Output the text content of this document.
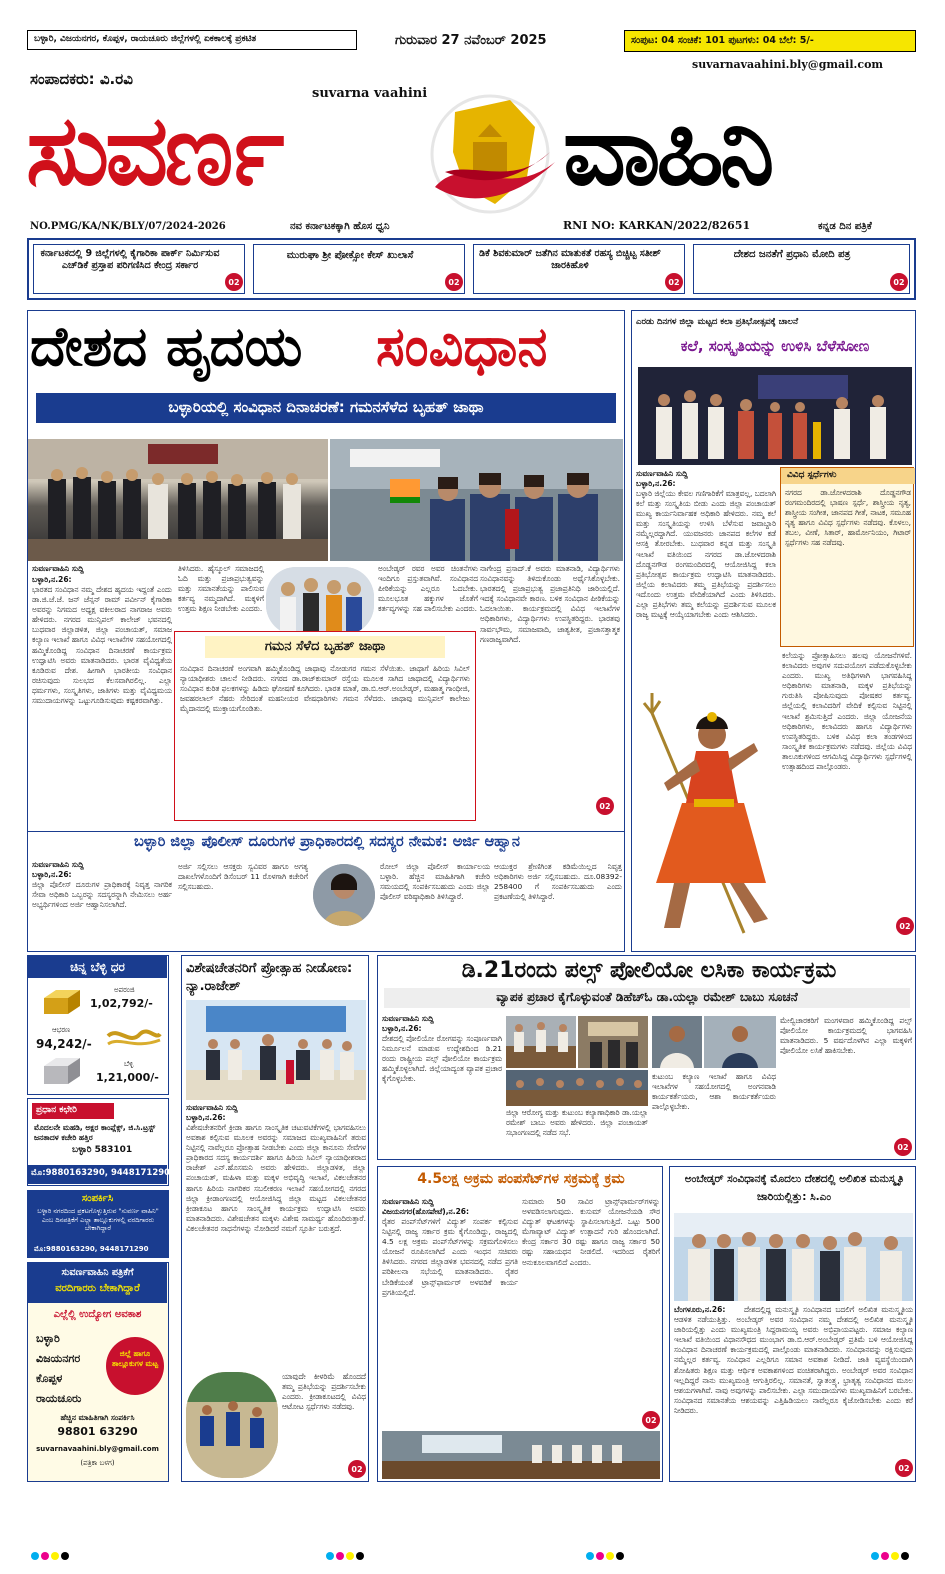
ಬಳ್ಳಾರಿ, ವಿಜಯನಗರ, ಕೊಪ್ಪಳ, ರಾಯಚೂರು ಜಿಲ್ಲೆಗಳಲ್ಲಿ ಏಕಕಾಲಕ್ಕೆ ಪ್ರಕಟಿತ	ಗುರುವಾರ 27 ನವೆಂಬರ್ 2025	ಸಂಪುಟ: 04 ಸಂಚಿಕೆ: 101 ಪುಟಗಳು: 04 ಬೆಲೆ: 5/-
suvarnavaahini.bly@gmail.com
ಸಂಪಾದಕರು: ವಿ.ರವಿ
suvarna vaahini
ಸುವರ್ಣ	ವಾಹಿನಿ
NO.PMG/KA/NK/BLY/07/2024-2026	ನವ ಕರ್ನಾಟಕಕ್ಕಾಗಿ ಹೊಸ ಧ್ವನಿ	RNI NO: KARKAN/2022/82651	ಕನ್ನಡ ದಿನ ಪತ್ರಿಕೆ
ಕರ್ನಾಟಕದಲ್ಲಿ 9 ಜಿಲ್ಲೆಗಳಲ್ಲಿ ಕೈಗಾರಿಕಾ ಪಾರ್ಕ್ ನಿರ್ಮಿಸುವ ಎಚ್‌ಡಿಕೆ ಪ್ರಸ್ತಾಪ ಪರಿಗಣಿಸಿದ ಕೇಂದ್ರ ಸರ್ಕಾರ
02
ಮುರುಘಾ ಶ್ರೀ ಪೋಕ್ಸೋ ಕೇಸ್ ಖುಲಾಸೆ
02
ಡಿಕೆ ಶಿವಕುಮಾರ್ ಜತೆಗಿನ ಮಾತುಕತೆ ರಹಸ್ಯ ಬಿಚ್ಚಿಟ್ಟ ಸತೀಶ್ ಜಾರಕಿಹೊಳಿ
02
ದೇಶದ ಜನತೆಗೆ ಪ್ರಧಾನಿ ಮೋದಿ ಪತ್ರ
02
ದೇಶದ ಹೃದಯ ಸಂವಿಧಾನ
ಬಳ್ಳಾರಿಯಲ್ಲಿ ಸಂವಿಧಾನ ದಿನಾಚರಣೆ: ಗಮನಸೆಳೆದ ಬೃಹತ್ ಜಾಥಾ
ಸುವರ್ಣವಾಹಿನಿ ಸುದ್ದಿ
ಬಳ್ಳಾರಿ,ನ.26:
ಭಾರತದ ಸಂವಿಧಾನ ನಮ್ಮ ದೇಶದ ಹೃದಯ ಇದ್ದಂತೆ ಎಂದು ಡಾ.ಜಿ.ಜೆ.ಜೆ. ಜನ್ ಜೆನ್ಸನ್ ರಾಮ್ ಪರ್ವೀನ್ ಕೈಗಾರಿಕಾ ಅವರನ್ನು ನಿಗಮದ ಅಧ್ಯಕ್ಷ ವಕೀಲರಾದ ನಾಗರಾಜ ಅವರು ಹೇಳಿದರು. ನಗರದ ಮುನ್ಸಿಪಲ್ ಕಾಲೇಜ್ ಭವನದಲ್ಲಿ ಬುಧವಾರ ಜಿಲ್ಲಾಡಳಿತ, ಜಿಲ್ಲಾ ಪಂಚಾಯತ್, ಸಮಾಜ ಕಲ್ಯಾಣ ಇಲಾಖೆ ಹಾಗೂ ವಿವಿಧ ಇಲಾಖೆಗಳ ಸಹಯೋಗದಲ್ಲಿ ಹಮ್ಮಿಕೊಂಡಿದ್ದ ಸಂವಿಧಾನ ದಿನಾಚರಣೆ ಕಾರ್ಯಕ್ರಮ ಉದ್ಘಾಟಿಸಿ ಅವರು ಮಾತನಾಡಿದರು. ಭಾರತ ವೈವಿಧ್ಯತೆಯ ಕೂಡಿರುವ ದೇಶ. ಹೀಗಾಗಿ ಭಾರತೀಯ ಸಂವಿಧಾನ ರಚಿಸುವುದು ಸುಲಭದ ಕೆಲಸವಾಗಿರಲಿಲ್ಲ. ಎಲ್ಲಾ ಧರ್ಮಗಳು, ಸಂಸ್ಕೃತಿಗಳು, ಜಾತಿಗಳು ಮತ್ತು ವೈವಿಧ್ಯಮಯ ಸಮುದಾಯಗಳನ್ನು ಒಟ್ಟುಗೂಡಿಸುವುದು ಕಷ್ಟಕರವಾಗಿತ್ತು.
ತಿಳಿಸಿದರು. ಹೈಸ್ಕೂಲ್ ಸಮಾಜದಲ್ಲಿ ಓದಿ ಮತ್ತು ಪ್ರಜಾಪ್ರಭುತ್ವವನ್ನು ಮತ್ತು ಸಮಾನತೆಯನ್ನು ಪಾಲಿಸುವ ಕರ್ತವ್ಯ ನಮ್ಮದಾಗಿದೆ. ಮಕ್ಕಳಿಗೆ ಉತ್ತಮ ಶಿಕ್ಷಣ ನೀಡಬೇಕು ಎಂದರು.
ಅಂಬೇಡ್ಕರ್ ರವರ ಅವರ ಚಿಂತನೆಗಳು ಇಂದಿಗೂ ಪ್ರಸ್ತುತವಾಗಿವೆ. ಸಂವಿಧಾನದ ಪೀಠಿಕೆಯನ್ನು ಎಲ್ಲರೂ ಓದಬೇಕು. ಮೂಲಭೂತ ಹಕ್ಕುಗಳ ಜೊತೆಗೆ ಕರ್ತವ್ಯಗಳನ್ನು ಸಹ ಪಾಲಿಸಬೇಕು ಎಂದರು.
ನಾಗೇಂದ್ರ ಪ್ರಸಾದ್.ಕೆ ಅವರು ಮಾತನಾಡಿ, ವಿದ್ಯಾರ್ಥಿಗಳು ಸಂವಿಧಾನವನ್ನು ತಿಳಿದುಕೊಂಡು ಅರ್ಥೈಸಿಕೊಳ್ಳಬೇಕು. ಭಾರತದಲ್ಲಿ ಪ್ರಜಾಪ್ರಭುತ್ವ ಪ್ರಜಾಪ್ರತಿನಿಧಿ ಜಾರಿಯಲ್ಲಿದೆ. ಇದಕ್ಕೆ ಸಂವಿಧಾನವೇ ಕಾರಣ. ಬಳಿಕ ಸಂವಿಧಾನ ಪೀಠಿಕೆಯನ್ನು ಓದಲಾಯಿತು. ಕಾರ್ಯಕ್ರಮದಲ್ಲಿ ವಿವಿಧ ಇಲಾಖೆಗಳ ಅಧಿಕಾರಿಗಳು, ವಿದ್ಯಾರ್ಥಿಗಳು ಉಪಸ್ಥಿತರಿದ್ದರು. ಭಾರತವು ಸಾರ್ವಭೌಮ, ಸಮಾಜವಾದಿ, ಜಾತ್ಯತೀತ, ಪ್ರಜಾಸತ್ತಾತ್ಮಕ ಗಣರಾಜ್ಯವಾಗಿದೆ.
ಗಮನ ಸೆಳೆದ ಬೃಹತ್ ಜಾಥಾ
ಸಂವಿಧಾನ ದಿನಾಚರಣೆ ಅಂಗವಾಗಿ ಹಮ್ಮಿಕೊಂಡಿದ್ದ ಜಾಥಾವು ನೋಡುಗರ ಗಮನ ಸೆಳೆಯಿತು. ಜಾಥಾಗೆ ಹಿರಿಯ ಸಿವಿಲ್ ನ್ಯಾಯಾಧೀಶರು ಚಾಲನೆ ನೀಡಿದರು. ನಗರದ ಡಾ.ರಾಜ್‌ಕುಮಾರ್ ರಸ್ತೆಯ ಮೂಲಕ ಸಾಗಿದ ಜಾಥಾದಲ್ಲಿ ವಿದ್ಯಾರ್ಥಿಗಳು ಸಂವಿಧಾನ ಕುರಿತ ಫಲಕಗಳನ್ನು ಹಿಡಿದು ಘೋಷಣೆ ಕೂಗಿದರು. ಭಾರತ ಮಾತೆ, ಡಾ.ಬಿ.ಆರ್.ಅಂಬೇಡ್ಕರ್, ಮಹಾತ್ಮ ಗಾಂಧೀಜಿ, ಜವಹರಲಾಲ್ ನೆಹರು ಸೇರಿದಂತೆ ಮಹನೀಯರ ವೇಷಧಾರಿಗಳು ಗಮನ ಸೆಳೆದರು. ಜಾಥಾವು ಮುನ್ಸಿಪಲ್ ಕಾಲೇಜು ಮೈದಾನದಲ್ಲಿ ಮುಕ್ತಾಯಗೊಂಡಿತು.
02
ಬಳ್ಳಾರಿ ಜಿಲ್ಲಾ ಪೊಲೀಸ್ ದೂರುಗಳ ಪ್ರಾಧಿಕಾರದಲ್ಲಿ ಸದಸ್ಯರ ನೇಮಕ: ಅರ್ಜಿ ಆಹ್ವಾನ
ಸುವರ್ಣವಾಹಿನಿ ಸುದ್ದಿ
ಬಳ್ಳಾರಿ,ನ.26:
ಜಿಲ್ಲಾ ಪೊಲೀಸ್ ದೂರುಗಳ ಪ್ರಾಧಿಕಾರಕ್ಕೆ ನಿವೃತ್ತ ನಾಗರಿಕ ಸೇವಾ ಅಧಿಕಾರಿ ಒಬ್ಬರನ್ನು ಸದಸ್ಯರನ್ನಾಗಿ ನೇಮಿಸಲು ಅರ್ಹ ಅಭ್ಯರ್ಥಿಗಳಿಂದ ಅರ್ಜಿ ಆಹ್ವಾನಿಸಲಾಗಿದೆ.
ಅರ್ಜಿ ಸಲ್ಲಿಸಲು ಆಸಕ್ತರು ಸ್ವವಿವರ ಹಾಗೂ ಅಗತ್ಯ ದಾಖಲೆಗಳೊಂದಿಗೆ ಡಿಸೆಂಬರ್ 11 ರೊಳಗಾಗಿ ಕಚೇರಿಗೆ ಸಲ್ಲಿಸಬಹುದು.
ರೋಲ್ ಜಿಲ್ಲಾ ಪೊಲೀಸ್ ಕಾರ್ಯಾಲಯ ಬಳ್ಳಾರಿ. ಹೆಚ್ಚಿನ ಮಾಹಿತಿಗಾಗಿ ಕಚೇರಿ ಸಮಯದಲ್ಲಿ ಸಂಪರ್ಕಿಸಬಹುದು ಎಂದು ಜಿಲ್ಲಾ ಪೊಲೀಸ್ ವರಿಷ್ಠಾಧಿಕಾರಿ ತಿಳಿಸಿದ್ದಾರೆ.
ಆಯುಕ್ತರ ಶ್ರೇಣಿಗಿಂತ ಕಡಿಮೆಯಿಲ್ಲದ ನಿವೃತ್ತ ಅಧಿಕಾರಿಗಳು ಅರ್ಜಿ ಸಲ್ಲಿಸಬಹುದು. ದೂ.08392-258400 ಗೆ ಸಂಪರ್ಕಿಸಬಹುದು ಎಂದು ಪ್ರಕಟಣೆಯಲ್ಲಿ ತಿಳಿಸಿದ್ದಾರೆ.
ಎರಡು ದಿನಗಳ ಜಿಲ್ಲಾ ಮಟ್ಟದ ಕಲಾ ಪ್ರತಿಭೋತ್ಸವಕ್ಕೆ ಚಾಲನೆ
ಕಲೆ, ಸಂಸ್ಕೃತಿಯನ್ನು ಉಳಿಸಿ ಬೆಳೆಸೋಣ
ಸುವರ್ಣವಾಹಿನಿ ಸುದ್ದಿ
ಬಳ್ಳಾರಿ,ನ.26:
ಬಳ್ಳಾರಿ ಜಿಲ್ಲೆಯು ಕೇವಲ ಗಣಿಗಾರಿಕೆಗೆ ಮಾತ್ರವಲ್ಲ, ಬದಲಾಗಿ ಕಲೆ ಮತ್ತು ಸಂಸ್ಕೃತಿಯ ಬೀಡು ಎಂದು ಜಿಲ್ಲಾ ಪಂಚಾಯತ್ ಮುಖ್ಯ ಕಾರ್ಯನಿರ್ವಾಹಕ ಅಧಿಕಾರಿ ಹೇಳಿದರು. ನಮ್ಮ ಕಲೆ ಮತ್ತು ಸಂಸ್ಕೃತಿಯನ್ನು ಉಳಿಸಿ ಬೆಳೆಸುವ ಜವಾಬ್ದಾರಿ ನಮ್ಮೆಲ್ಲರದ್ದಾಗಿದೆ. ಯುವಜನರು ಜಾನಪದ ಕಲೆಗಳ ಕಡೆ ಆಸಕ್ತಿ ತೋರಬೇಕು. ಬುಧವಾರ ಕನ್ನಡ ಮತ್ತು ಸಂಸ್ಕೃತಿ ಇಲಾಖೆ ವತಿಯಿಂದ ನಗರದ ಡಾ.ಜೋಳದರಾಶಿ ದೊಡ್ಡನಗೌಡ ರಂಗಮಂದಿರದಲ್ಲಿ ಆಯೋಜಿಸಿದ್ದ ಕಲಾ ಪ್ರತಿಭೋತ್ಸವ ಕಾರ್ಯಕ್ರಮ ಉದ್ಘಾಟಿಸಿ ಮಾತನಾಡಿದರು. ಜಿಲ್ಲೆಯ ಕಲಾವಿದರು ತಮ್ಮ ಪ್ರತಿಭೆಯನ್ನು ಪ್ರದರ್ಶಿಸಲು ಇದೊಂದು ಉತ್ತಮ ವೇದಿಕೆಯಾಗಿದೆ ಎಂದು ತಿಳಿಸಿದರು. ಎಲ್ಲಾ ಪ್ರತಿಭೆಗಳು ತಮ್ಮ ಕಲೆಯನ್ನು ಪ್ರದರ್ಶಿಸುವ ಮೂಲಕ ರಾಜ್ಯ ಮಟ್ಟಕ್ಕೆ ಆಯ್ಕೆಯಾಗಬೇಕು ಎಂದು ಆಶಿಸಿದರು.
ವಿವಿಧ ಸ್ಪರ್ಧೆಗಳು
ನಗರದ ಡಾ.ಜೋಳದರಾಶಿ ದೊಡ್ಡನಗೌಡ ರಂಗಮಂದಿರದಲ್ಲಿ ಭಾಷಣ ಸ್ಪರ್ಧೆ, ಶಾಸ್ತ್ರೀಯ ನೃತ್ಯ, ಶಾಸ್ತ್ರೀಯ ಸಂಗೀತ, ಜಾನಪದ ಗೀತೆ, ನಾಟಕ, ಸಮೂಹ ನೃತ್ಯ ಹಾಗೂ ವಿವಿಧ ಸ್ಪರ್ಧೆಗಳು ನಡೆದವು. ಕೊಳಲು, ತಬಲ, ವೀಣೆ, ಸಿತಾರ್, ಹಾರ್ಮೋನಿಯಂ, ಗಿಟಾರ್ ಸ್ಪರ್ಧೆಗಳು ಸಹ ನಡೆದವು.
ಕಲೆಯನ್ನು ಪ್ರೋತ್ಸಾಹಿಸಲು ಹಲವು ಯೋಜನೆಗಳಿವೆ. ಕಲಾವಿದರು ಅವುಗಳ ಸದುಪಯೋಗ ಪಡೆದುಕೊಳ್ಳಬೇಕು ಎಂದರು. ಮುಖ್ಯ ಅತಿಥಿಗಳಾಗಿ ಭಾಗವಹಿಸಿದ್ದ ಅಧಿಕಾರಿಗಳು ಮಾತನಾಡಿ, ಮಕ್ಕಳ ಪ್ರತಿಭೆಯನ್ನು ಗುರುತಿಸಿ ಪೋಷಿಸುವುದು ಪೋಷಕರ ಕರ್ತವ್ಯ. ಜಿಲ್ಲೆಯಲ್ಲಿ ಕಲಾವಿದರಿಗೆ ವೇದಿಕೆ ಕಲ್ಪಿಸುವ ನಿಟ್ಟಿನಲ್ಲಿ ಇಲಾಖೆ ಶ್ರಮಿಸುತ್ತಿದೆ ಎಂದರು. ಜಿಲ್ಲಾ ಯೋಜನೆಯ ಅಧಿಕಾರಿಗಳು, ಕಲಾವಿದರು ಹಾಗೂ ವಿದ್ಯಾರ್ಥಿಗಳು ಉಪಸ್ಥಿತರಿದ್ದರು. ಬಳಿಕ ವಿವಿಧ ಕಲಾ ತಂಡಗಳಿಂದ ಸಾಂಸ್ಕೃತಿಕ ಕಾರ್ಯಕ್ರಮಗಳು ನಡೆದವು. ಜಿಲ್ಲೆಯ ವಿವಿಧ ತಾಲೂಕುಗಳಿಂದ ಆಗಮಿಸಿದ್ದ ವಿದ್ಯಾರ್ಥಿಗಳು ಸ್ಪರ್ಧೆಗಳಲ್ಲಿ ಉತ್ಸಾಹದಿಂದ ಪಾಲ್ಗೊಂಡರು.
02
ಚಿನ್ನ ಬೆಳ್ಳಿ ಧರ
ಅಪರಂಜಿ
1,02,792/-
ಆಭರಣ
94,242/-
ಬೆಳ್ಳಿ
1,21,000/-
ಪ್ರಧಾನ ಕಛೇರಿ
ಮೊದಲನೇ ಮಹಡಿ, ಅಕ್ಷರ ಕಾಂಪ್ಲೆಕ್ಸ್, ಜಿ.ಸಿ.ಟ್ರಸ್ಟ್ ಜನತಾದಳ ಕಚೇರಿ ಹತ್ತಿರ
ಬಳ್ಳಾರಿ 583101
ಮೊ:9880163290, 9448171290
ಸಂಪರ್ಕಿಸಿ
ಬಳ್ಳಾರಿ ನಗರದಿಂದ ಪ್ರಕಟಗೊಳ್ಳುತ್ತಿರುವ "ಸುವರ್ಣ ವಾಹಿನಿ" ಎಂಬ ದಿನಪತ್ರಿಕೆಗೆ ಎಲ್ಲಾ ತಾಲ್ಲೂಕುಗಳಲ್ಲಿ ವರದಿಗಾರರು ಬೇಕಾಗಿದ್ದಾರೆ
ಮೊ:9880163290, 9448171290
ಸುವರ್ಣವಾಹಿನಿ ಪತ್ರಿಕೆಗೆ
ವರದಿಗಾರರು ಬೇಕಾಗಿದ್ದಾರೆ
ಎಲ್ಲೆಲ್ಲಿ ಉದ್ಯೋಗ ಅವಕಾಶ
ಬಳ್ಳಾರಿ
ವಿಜಯನಗರ
ಕೊಪ್ಪಳ
ರಾಯಚೂರು
ಜಿಲ್ಲೆ ಹಾಗೂ ತಾಲ್ಲೂಕುಗಳ ಮಟ್ಟ
ಹೆಚ್ಚಿನ ಮಾಹಿತಿಗಾಗಿ ಸಂಪರ್ಕಿಸಿ
98801 63290
suvarnavaahini.bly@gmail.com
(ಪತ್ರಿಕಾ ಬಳಗ)
ವಿಶೇಷಚೇತನರಿಗೆ ಪ್ರೋತ್ಸಾಹ ನೀಡೋಣ: ನ್ಯಾ.ರಾಜೇಶ್
ಸುವರ್ಣವಾಹಿನಿ ಸುದ್ದಿ
ಬಳ್ಳಾರಿ,ನ.26:
ವಿಶೇಷಚೇತನರಿಗೆ ಕ್ರೀಡಾ ಹಾಗೂ ಸಾಂಸ್ಕೃತಿಕ ಚಟುವಟಿಕೆಗಳಲ್ಲಿ ಭಾಗವಹಿಸಲು ಅವಕಾಶ ಕಲ್ಪಿಸುವ ಮೂಲಕ ಅವರನ್ನು ಸಮಾಜದ ಮುಖ್ಯವಾಹಿನಿಗೆ ತರುವ ನಿಟ್ಟಿನಲ್ಲಿ ನಾವೆಲ್ಲರೂ ಪ್ರೋತ್ಸಾಹ ನೀಡಬೇಕು ಎಂದು ಜಿಲ್ಲಾ ಕಾನೂನು ಸೇವೆಗಳ ಪ್ರಾಧಿಕಾರದ ಸದಸ್ಯ ಕಾರ್ಯದರ್ಶಿ ಹಾಗೂ ಹಿರಿಯ ಸಿವಿಲ್ ನ್ಯಾಯಾಧೀಶರಾದ ರಾಜೇಶ್ ಎನ್.ಹೊಸಮನಿ ಅವರು ಹೇಳಿದರು. ಜಿಲ್ಲಾಡಳಿತ, ಜಿಲ್ಲಾ ಪಂಚಾಯತ್, ಮಹಿಳಾ ಮತ್ತು ಮಕ್ಕಳ ಅಭಿವೃದ್ಧಿ ಇಲಾಖೆ, ವಿಕಲಚೇತನರ ಹಾಗೂ ಹಿರಿಯ ನಾಗರಿಕರ ಸಬಲೀಕರಣ ಇಲಾಖೆ ಸಹಯೋಗದಲ್ಲಿ ನಗರದ ಜಿಲ್ಲಾ ಕ್ರೀಡಾಂಗಣದಲ್ಲಿ ಆಯೋಜಿಸಿದ್ದ ಜಿಲ್ಲಾ ಮಟ್ಟದ ವಿಕಲಚೇತನರ ಕ್ರೀಡಾಕೂಟ ಹಾಗೂ ಸಾಂಸ್ಕೃತಿಕ ಕಾರ್ಯಕ್ರಮ ಉದ್ಘಾಟಿಸಿ ಅವರು ಮಾತನಾಡಿದರು. ವಿಶೇಷಚೇತನ ಮಕ್ಕಳು ವಿಶೇಷ ಸಾಮರ್ಥ್ಯ ಹೊಂದಿರುತ್ತಾರೆ. ವಿಕಲಚೇತನರ ಸಾಧನೆಗಳನ್ನು ನೋಡಿದರೆ ನಮಗೆ ಸ್ಫೂರ್ತಿ ಬರುತ್ತದೆ.
ಯಾವುದೇ ಕೀಳರಿಮೆ ಹೊಂದದೆ ತಮ್ಮ ಪ್ರತಿಭೆಯನ್ನು ಪ್ರದರ್ಶಿಸಬೇಕು ಎಂದರು. ಕ್ರೀಡಾಕೂಟದಲ್ಲಿ ವಿವಿಧ ಆಟೋಟ ಸ್ಪರ್ಧೆಗಳು ನಡೆದವು.
02
ಡಿ.21ರಂದು ಪಲ್ಸ್ ಪೋಲಿಯೋ ಲಸಿಕಾ ಕಾರ್ಯಕ್ರಮ
ವ್ಯಾಪಕ ಪ್ರಚಾರ ಕೈಗೊಳ್ಳುವಂತೆ ಡಿಹೆಚ್‌ಓ ಡಾ.ಯಲ್ಲಾ ರಮೇಶ್ ಬಾಬು ಸೂಚನೆ
ಸುವರ್ಣವಾಹಿನಿ ಸುದ್ದಿ
ಬಳ್ಳಾರಿ,ನ.26:
ದೇಶದಲ್ಲಿ ಪೋಲಿಯೋ ರೋಗವನ್ನು ಸಂಪೂರ್ಣವಾಗಿ ನಿರ್ಮೂಲನೆ ಮಾಡುವ ಉದ್ದೇಶದಿಂದ ಡಿ.21 ರಂದು ರಾಷ್ಟ್ರೀಯ ಪಲ್ಸ್ ಪೋಲಿಯೋ ಕಾರ್ಯಕ್ರಮ ಹಮ್ಮಿಕೊಳ್ಳಲಾಗಿದೆ. ಜಿಲ್ಲೆಯಾದ್ಯಂತ ವ್ಯಾಪಕ ಪ್ರಚಾರ ಕೈಗೊಳ್ಳಬೇಕು.
ಜಿಲ್ಲಾ ಆರೋಗ್ಯ ಮತ್ತು ಕುಟುಂಬ ಕಲ್ಯಾಣಾಧಿಕಾರಿ ಡಾ.ಯಲ್ಲಾ ರಮೇಶ್ ಬಾಬು ಅವರು ಹೇಳಿದರು. ಜಿಲ್ಲಾ ಪಂಚಾಯತ್ ಸಭಾಂಗಣದಲ್ಲಿ ನಡೆದ ಸಭೆ.
ಕುಟುಂಬ ಕಲ್ಯಾಣ ಇಲಾಖೆ ಹಾಗೂ ವಿವಿಧ ಇಲಾಖೆಗಳ ಸಹಯೋಗದಲ್ಲಿ ಅಂಗನವಾಡಿ ಕಾರ್ಯಕರ್ತೆಯರು, ಆಶಾ ಕಾರ್ಯಕರ್ತೆಯರು ಪಾಲ್ಗೊಳ್ಳಬೇಕು.
ಮೇಲ್ವಿಚಾರಕರಿಗೆ ಮಂಗಳವಾರ ಹಮ್ಮಿಕೊಂಡಿದ್ದ ಪಲ್ಸ್ ಪೋಲಿಯೋ ಕಾರ್ಯಕ್ರಮದಲ್ಲಿ ಭಾಗವಹಿಸಿ ಮಾತನಾಡಿದರು. 5 ವರ್ಷದೊಳಗಿನ ಎಲ್ಲಾ ಮಕ್ಕಳಿಗೆ ಪೋಲಿಯೋ ಲಸಿಕೆ ಹಾಕಿಸಬೇಕು.
02
4.5ಲಕ್ಷ ಅಕ್ರಮ ಪಂಪಸೆಟ್‌ಗಳ ಸಕ್ರಮಕ್ಕೆ ಕ್ರಮ
ಸುವರ್ಣವಾಹಿನಿ ಸುದ್ದಿ
ವಿಜಯನಗರ(ಹೊಸಪೇಟೆ),ನ.26:
ರೈತರ ಪಂಪ್‌ಸೆಟ್‌ಗಳಿಗೆ ವಿದ್ಯುತ್ ಸಂಪರ್ಕ ಕಲ್ಪಿಸುವ ನಿಟ್ಟಿನಲ್ಲಿ ರಾಜ್ಯ ಸರ್ಕಾರ ಕ್ರಮ ಕೈಗೊಂಡಿದ್ದು, ರಾಜ್ಯದಲ್ಲಿ 4.5 ಲಕ್ಷ ಅಕ್ರಮ ಪಂಪ್‌ಸೆಟ್‌ಗಳನ್ನು ಸಕ್ರಮಗೊಳಿಸಲು ಯೋಜನೆ ರೂಪಿಸಲಾಗಿದೆ ಎಂದು ಇಂಧನ ಸಚಿವರು ತಿಳಿಸಿದರು. ನಗರದ ಜಿಲ್ಲಾಡಳಿತ ಭವನದಲ್ಲಿ ನಡೆದ ಪ್ರಗತಿ ಪರಿಶೀಲನಾ ಸಭೆಯಲ್ಲಿ ಮಾತನಾಡಿದರು. ರೈತರ ಬೇಡಿಕೆಯಂತೆ ಟ್ರಾನ್ಸ್‌ಫಾರ್ಮರ್ ಅಳವಡಿಕೆ ಕಾರ್ಯ ಪ್ರಗತಿಯಲ್ಲಿದೆ.
ಸುಮಾರು 50 ಸಾವಿರ ಟ್ರಾನ್ಸ್‌ಫಾರ್ಮರ್‌ಗಳನ್ನು ಅಳವಡಿಸಲಾಗುವುದು. ಕುಸುಮ್ ಯೋಜನೆಯಡಿ ಸೌರ ವಿದ್ಯುತ್ ಘಟಕಗಳನ್ನು ಸ್ಥಾಪಿಸಲಾಗುತ್ತಿದೆ. ಒಟ್ಟು 500 ಮೆಗಾವ್ಯಾಟ್ ವಿದ್ಯುತ್ ಉತ್ಪಾದನೆ ಗುರಿ ಹೊಂದಲಾಗಿದೆ. ಕೇಂದ್ರ ಸರ್ಕಾರ 30 ರಷ್ಟು ಹಾಗೂ ರಾಜ್ಯ ಸರ್ಕಾರ 50 ರಷ್ಟು ಸಹಾಯಧನ ನೀಡಲಿದೆ. ಇದರಿಂದ ರೈತರಿಗೆ ಅನುಕೂಲವಾಗಲಿದೆ ಎಂದರು.
02
ಅಂಬೇಡ್ಕರ್ ಸಂವಿಧಾನಕ್ಕೆ ಮೊದಲು ದೇಶದಲ್ಲಿ ಅಲಿಖಿತ ಮನುಸ್ಮೃತಿ ಜಾರಿಯಲ್ಲಿತ್ತು: ಸಿ.ಎಂ
ಬೆಂಗಳೂರು,ನ.26:	ದೇಶದಲ್ಲಿದ್ದ ಮನುಸ್ಮೃತಿ ಸಂವಿಧಾನದ ಬದಲಿಗೆ ಅಲಿಖಿತ ಮನುಸ್ಮೃತಿಯ ಆಡಳಿತ ನಡೆಯುತ್ತಿತ್ತು. ಅಂಬೇಡ್ಕರ್ ಅವರ ಸಂವಿಧಾನ ನಮ್ಮ ದೇಶದಲ್ಲಿ ಅಲಿಖಿತ ಮನುಸ್ಮೃತಿ ಜಾರಿಯಲ್ಲಿತ್ತು ಎಂದು ಮುಖ್ಯಮಂತ್ರಿ ಸಿದ್ದರಾಮಯ್ಯ ಅವರು ಅಭಿಪ್ರಾಯಪಟ್ಟರು. ಸಮಾಜ ಕಲ್ಯಾಣ ಇಲಾಖೆ ವತಿಯಿಂದ ವಿಧಾನಸೌಧದ ಮುಂಭಾಗ ಡಾ.ಬಿ.ಆರ್.ಅಂಬೇಡ್ಕರ್ ಪ್ರತಿಮೆ ಬಳಿ ಆಯೋಜಿಸಿದ್ದ ಸಂವಿಧಾನ ದಿನಾಚರಣೆ ಕಾರ್ಯಕ್ರಮದಲ್ಲಿ ಪಾಲ್ಗೊಂಡು ಮಾತನಾಡಿದರು. ಸಂವಿಧಾನವನ್ನು ರಕ್ಷಿಸುವುದು ನಮ್ಮೆಲ್ಲರ ಕರ್ತವ್ಯ. ಸಂವಿಧಾನ ಎಲ್ಲರಿಗೂ ಸಮಾನ ಅವಕಾಶ ನೀಡಿದೆ. ಜಾತಿ ವ್ಯವಸ್ಥೆಯಿಂದಾಗಿ ಶೋಷಿತರು ಶಿಕ್ಷಣ ಮತ್ತು ಆರ್ಥಿಕ ಅವಕಾಶಗಳಿಂದ ವಂಚಿತರಾಗಿದ್ದರು. ಅಂಬೇಡ್ಕರ್ ಅವರ ಸಂವಿಧಾನ ಇಲ್ಲದಿದ್ದರೆ ನಾನು ಮುಖ್ಯಮಂತ್ರಿ ಆಗುತ್ತಿರಲಿಲ್ಲ. ಸಮಾನತೆ, ಸ್ವಾತಂತ್ರ್ಯ, ಭ್ರಾತೃತ್ವ ಸಂವಿಧಾನದ ಮೂಲ ಆಶಯಗಳಾಗಿವೆ. ನಾವು ಅವುಗಳನ್ನು ಪಾಲಿಸಬೇಕು. ಎಲ್ಲಾ ಸಮುದಾಯಗಳು ಮುಖ್ಯವಾಹಿನಿಗೆ ಬರಬೇಕು. ಸಂವಿಧಾನದ ಸಮಾನತೆಯ ಆಶಯವನ್ನು ಎತ್ತಿಹಿಡಿಯಲು ನಾವೆಲ್ಲರೂ ಕೈಜೋಡಿಸಬೇಕು ಎಂದು ಕರೆ ನೀಡಿದರು.
02
